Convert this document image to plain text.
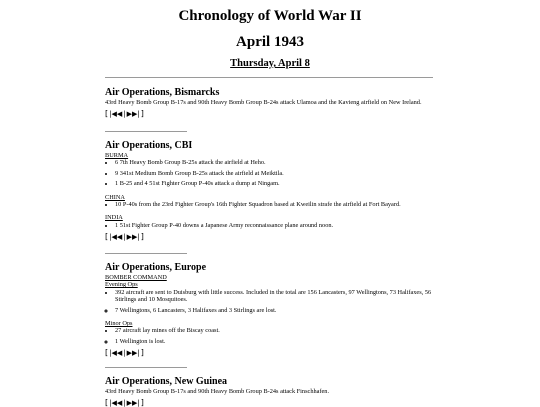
Chronology of World War II
April 1943
Thursday, April 8
Air Operations, Bismarcks

43rd Heavy Bomb Group B-17s and 90th Heavy Bomb Group B-24s attack Ulamoa and the Kavieng airfield on New Ireland.

[ |◀◀ | ▶▶| ]
Air Operations, CBI
BURMA
• 6 7th Heavy Bomb Group B-25s attack the airfield at Heho.
• 9 341st Medium Bomb Group B-25s attack the airfield at Meiktila.
• 1 B-25 and 4 51st Fighter Group P-40s attack a dump at Ningam.
CHINA
• 10 P-40s from the 23rd Fighter Group's 16th Fighter Squadron based at Kweilin strafe the airfield at Fort Bayard.
INDIA
• 1 51st Fighter Group P-40 downs a Japanese Army reconnaissance plane around noon.
[ |◀◀ | ▶▶| ]
Air Operations, Europe
BOMBER COMMAND
Evening Ops
• 392 aircraft are sent to Duisburg with little success. Included in the total are 156 Lancasters, 97 Wellingtons, 73 Halifaxes, 56 Stirlings and 10 Mosquitoes.
◦ 7 Wellingtons, 6 Lancasters, 3 Halifaxes and 3 Stirlings are lost.
Minor Ops
• 27 aircraft lay mines off the Biscay coast.
◦ 1 Wellington is lost.
[ |◀◀ | ▶▶| ]
Air Operations, New Guinea

43rd Heavy Bomb Group B-17s and 90th Heavy Bomb Group B-24s attack Finschhafen.

[ |◀◀ | ▶▶| ]
